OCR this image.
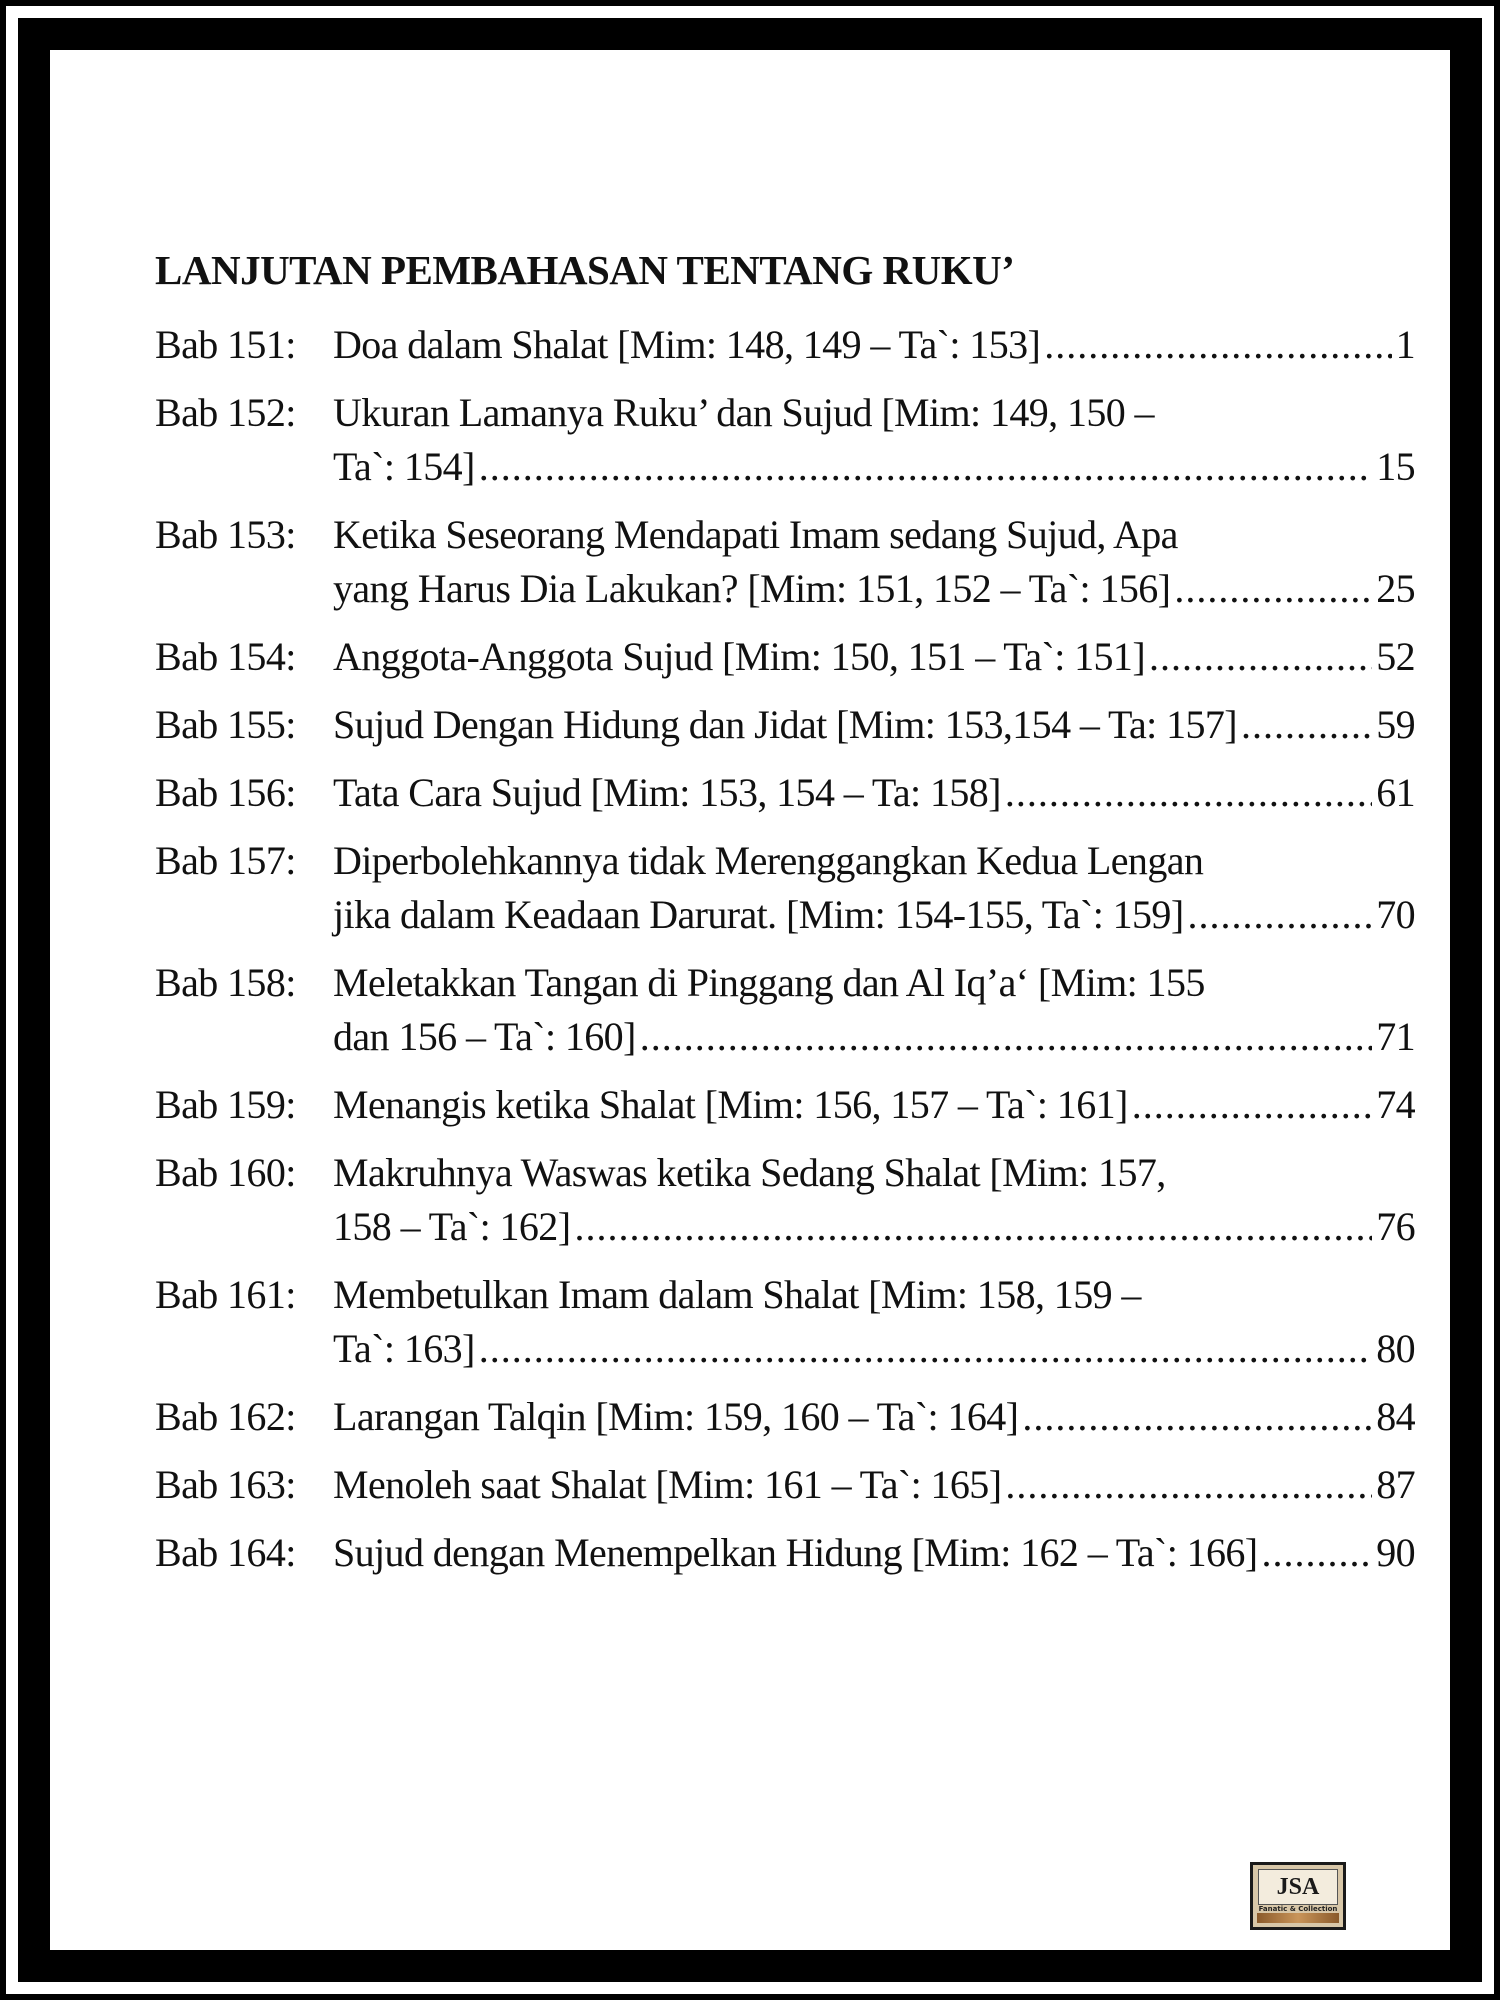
LANJUTAN PEMBAHASAN TENTANG RUKU’
Bab 151: Doa dalam Shalat [Mim: 148, 149 – Ta`: 153] .....	1
Bab 152: Ukuran Lamanya Ruku’ dan Sujud [Mim: 149, 150 –
Ta`: 154] .....	15
Bab 153: Ketika Seseorang Mendapati Imam sedang Sujud, Apa
yang Harus Dia Lakukan? [Mim: 151, 152 – Ta`: 156] .....	25
Bab 154: Anggota-Anggota Sujud [Mim: 150, 151 – Ta`: 151] .....	52
Bab 155: Sujud Dengan Hidung dan Jidat [Mim: 153,154 – Ta: 157] .....	59
Bab 156: Tata Cara Sujud [Mim: 153, 154 – Ta: 158] .....	61
Bab 157: Diperbolehkannya tidak Merenggangkan Kedua Lengan
jika dalam Keadaan Darurat. [Mim: 154-155, Ta`: 159] .....	70
Bab 158: Meletakkan Tangan di Pinggang dan Al Iq’a‘ [Mim: 155
dan 156 – Ta`: 160] .....	71
Bab 159: Menangis ketika Shalat [Mim: 156, 157 – Ta`: 161] .....	74
Bab 160: Makruhnya Waswas ketika Sedang Shalat [Mim: 157,
158 – Ta`: 162] .....	76
Bab 161: Membetulkan Imam dalam Shalat [Mim: 158, 159 –
Ta`: 163] .....	80
Bab 162: Larangan Talqin [Mim: 159, 160 – Ta`: 164] .....	84
Bab 163: Menoleh saat Shalat [Mim: 161 – Ta`: 165] .....	87
Bab 164: Sujud dengan Menempelkan Hidung [Mim: 162 – Ta`: 166] .....	90
JSA
Fanatic & Collection
